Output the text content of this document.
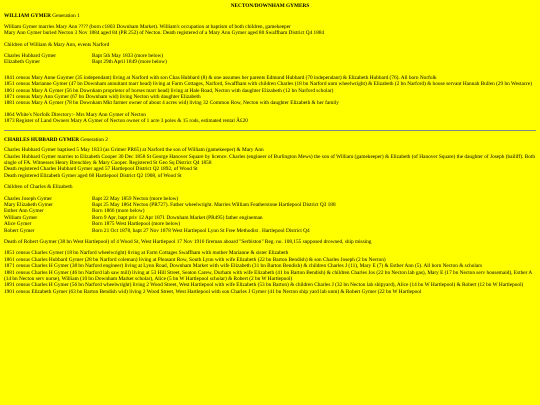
NECTON/DOWNHAM GYMERS
WILLIAM GYMER Generation 1

William Gymer marries Mary Ann ???? (born c1803 Downham Market). William's occupation at baptism of both children, gamekeeper
Mary Ann Gymer buried Necton 3 Nov 1884 aged 84 (PR 252) of Necton. Death registered of a Mary Ann Gymer aged 80 Swaffham District Q4 1884

Children of William & Mary Ann, events Narford

Charles Hubbard Gymer	Bapt 5th May 1833 (more below)
Elizabeth Gymer	Bapt 29th April 1849 (more below)

1841 census Mary Anne Guymer (35 independant) living at Narford with son Chas Hubbard (8) & one assumes her parents Edmund Hubbard (70 independant) & Elizabeth Hubbard (76). All born Norfolk
1851 census Marianne Gymer (47 bn Downham annuitant marr head) living at Farm Cottages, Narford, Swaffham with children Charles (18 bn Narford unm wheelwright) & Elizabeth (2 bn Narford) & house servant Hannah Bullen (29 bn Westacre)
1861 census Mary A Gymer (56 bn Downham proprietor of horses marr head) living at Hale Road, Necton with daughter Elizabeth (12 bn Narford scholar)
1871 census Mary Ann Gymer (67 bn Downham wid) living Necton with daughter Elizabeth
1881 census Mary A Gymer (78 bn Downham Mkt farmer owner of about 4 acres wid) living 32 Common Row, Necton with daughter Elizabeth & her family

1864 White's Norfolk Directory:- Mrs Mary Ann Gymer of Necton
1873 Register of Land Owners Mary A Gymer of Necton owner of 1 acre 3 poles & 15 rods, estimated rental Â£20

CHARLES HUBBARD GYMER Generation 2

Charles Hubbard Gymer baptised 5 May 1833 (as Grimer PR65) at Narford the son of William (gamekeeper) & Mary Ann
Charles Hubbard Gymer marries to Elizabeth Cooper 30 Dec 1858 St George Hanover Square by licence. Charles (engineer of Burlington Mews) the son of William (gamekeeper) & Elizabeth (of Hanover Square) the daughter of Joseph (bailiff). Both single of FA. Witnesses Henry Brenchley & Mary Cooper. Registered St Geo Sq District Q4 1858
Death registered Charles Hubbard Gymer aged 57 Hartlepool District Q2 1892, of Wood St
Death registered Elizabeth Gymer aged 68 Hartlepool District Q2 1908, of Wood St

Children of Charles & Elizabeth

Charles Joseph Gymer	Bapt 22 May 1859 Necton (more below)
Mary Elizabeth Gymer	Bapt 25 May 1864 Necton (PR727). Father wheelwright. Marries William Featherstone Hartlepool District Q3 188
Esther Ann Gymer	Born 1866 (more below)
William Gymer	Born 9 Apr, bapt priv 12 Apr 1871 Downham Market (PR495) father engineman
Alice Gymer	Born 1875 West Hartlepool (more below)
Robert Gymer	Born 21 Oct 1878, bapt 27 Nov 1878 West Hartlepool Lynn St Free Methodist . Hartlepool District Q4

Death of Robert Guymer (38 bn West Hartlepool) of 4 Wood St, West Hartlepool 17 Nov 1916 fireman aboard "Serbiston" Reg. no. 108,155 supposed drowned, ship missing

1851 census Charles Gymer (18 bn Narford wheelwright) living at Farm Cottages Swaffham with mother Marianne & sister Elizabeth
1861 census Charles Hubbard Gymer (28 bn Narford coleman) living at Pleasant Row, South Lynn with wife Elizabeth (22 bn Barton Bendish) & son Charles Joseph (2 bn Necton)
1871 census Charles H Gymer (38 bn Narford engineer) living at Lynn Road, Downham Market with wife Elizabeth (31 bn Barton Bendish) & children Charles J (11), Mary E (7) & Esther Ann (5). All born Necton & scholars
1881 census Charles H Gymer (46 bn Narford lab saw mill) living at 53 Hill Street, Seaton Carew, Durham with wife Elizabeth (41 bn Barton Bendish) & children Charles Jos (22 bn Necton lab gas), Mary E (17 bn Necton serv housemaid), Esther A (14 bn Necton serv nurse), William (10 bn Downham Market scholar), Alice (5 bn W Hartlepool scholar) & Robert (2 bn W Hartlepool)
1891 census Charles H Gymer (56 bn Narford wheelwright) living 2 Wood Street, West Hartlepool with wife Elizabeth (53 bn Barton) & children Charles J (32 bn Necton lab shipyard), Alice (14 bn W Hartlepool) & Robert (12 bn W Hartlepool)
1901 census Elizabeth Gymer (63 bn Barton Bendish wid) living 2 Wood Street, West Hartlepool with son Charles J Gymer (41 bn Necton ship yard lab unm) & Robert Gymer (22 bn W Hartlepool
